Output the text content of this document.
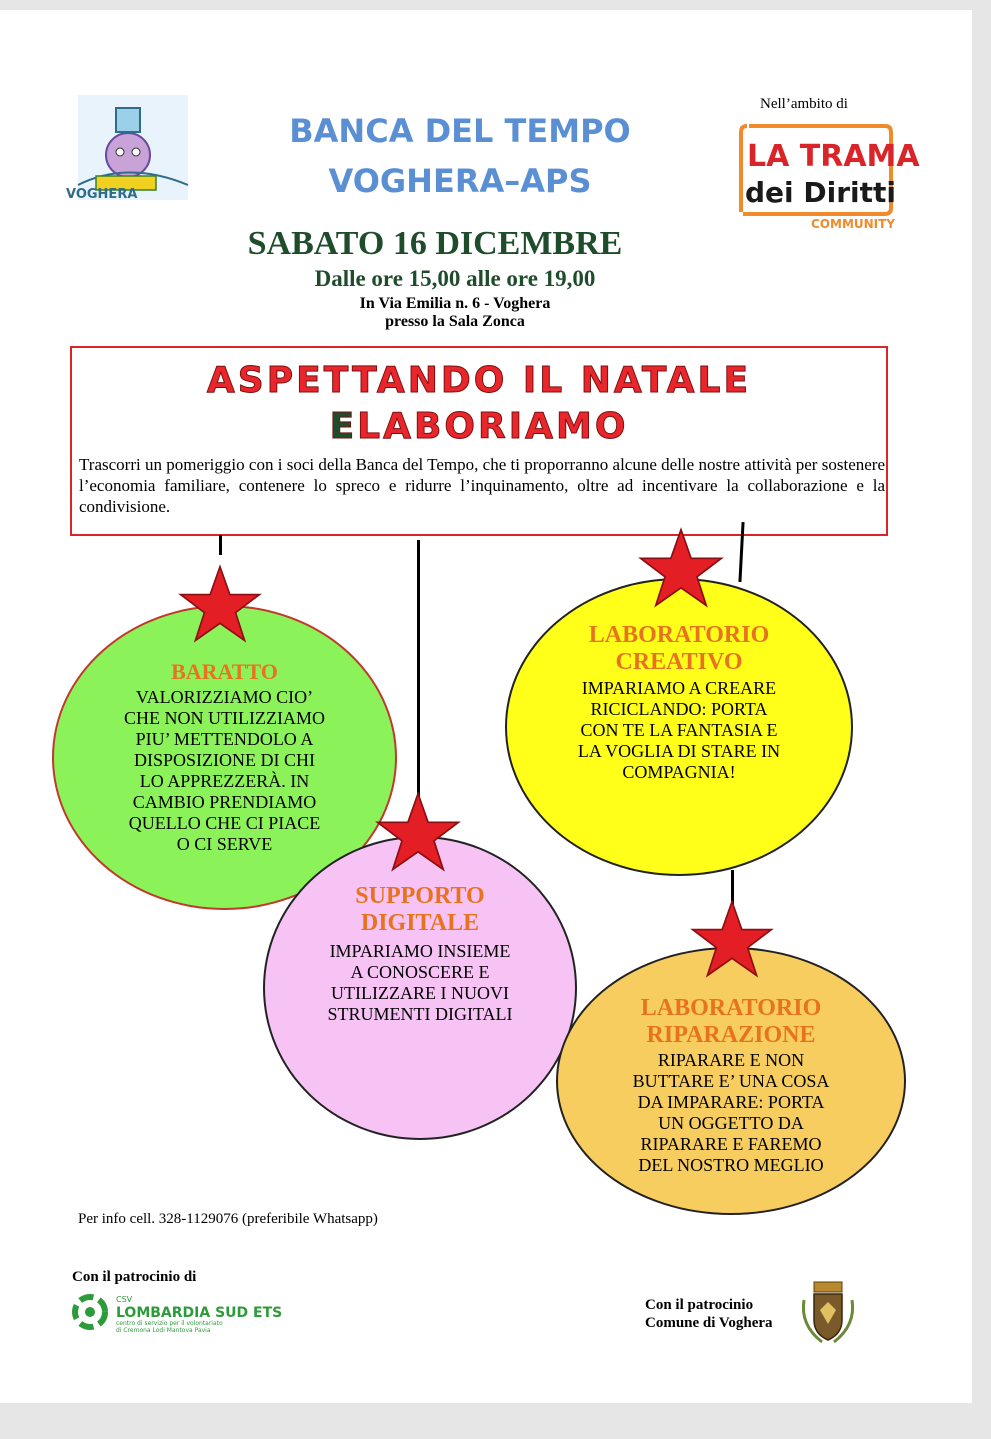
VOGHERA
BANCA DEL TEMPO
VOGHERA–APS
Nell’ambito di
LA TRAMA
dei Diritti
COMMUNITY
SABATO 16 DICEMBRE
Dalle ore 15,00 alle ore 19,00
In Via Emilia n. 6 - Voghera
presso la Sala Zonca
ASPETTANDO IL NATALE
ELABORIAMO
Trascorri un pomeriggio con i soci della Banca del Tempo, che ti proporranno alcune delle nostre attività per sostenere l’economia familiare, contenere lo spreco e ridurre l’inquinamento, oltre ad incentivare la collaborazione e la condivisione.
BARATTO
VALORIZZIAMO CIO’
CHE NON UTILIZZIAMO
PIU’ METTENDOLO A
DISPOSIZIONE DI CHI
LO APPREZZERÀ. IN
CAMBIO PRENDIAMO
QUELLO CHE CI PIACE
O CI SERVE
LABORATORIO
CREATIVO
IMPARIAMO A CREARE
RICICLANDO: PORTA
CON TE LA FANTASIA E
LA VOGLIA DI STARE IN
COMPAGNIA!
SUPPORTO
DIGITALE
IMPARIAMO INSIEME
A CONOSCERE E
UTILIZZARE I NUOVI
STRUMENTI DIGITALI	LABORATORIO
RIPARAZIONE
RIPARARE E NON
BUTTARE E’ UNA COSA
DA IMPARARE: PORTA
UN OGGETTO DA
RIPARARE E FAREMO
DEL NOSTRO MEGLIO
Per info cell. 328-1129076 (preferibile Whatsapp)
Con il patrocinio di
CSV
LOMBARDIA SUD ETS
centro di servizio per il volontariato
di Cremona Lodi Mantova Pavia
Con il patrocinio
Comune di Voghera
